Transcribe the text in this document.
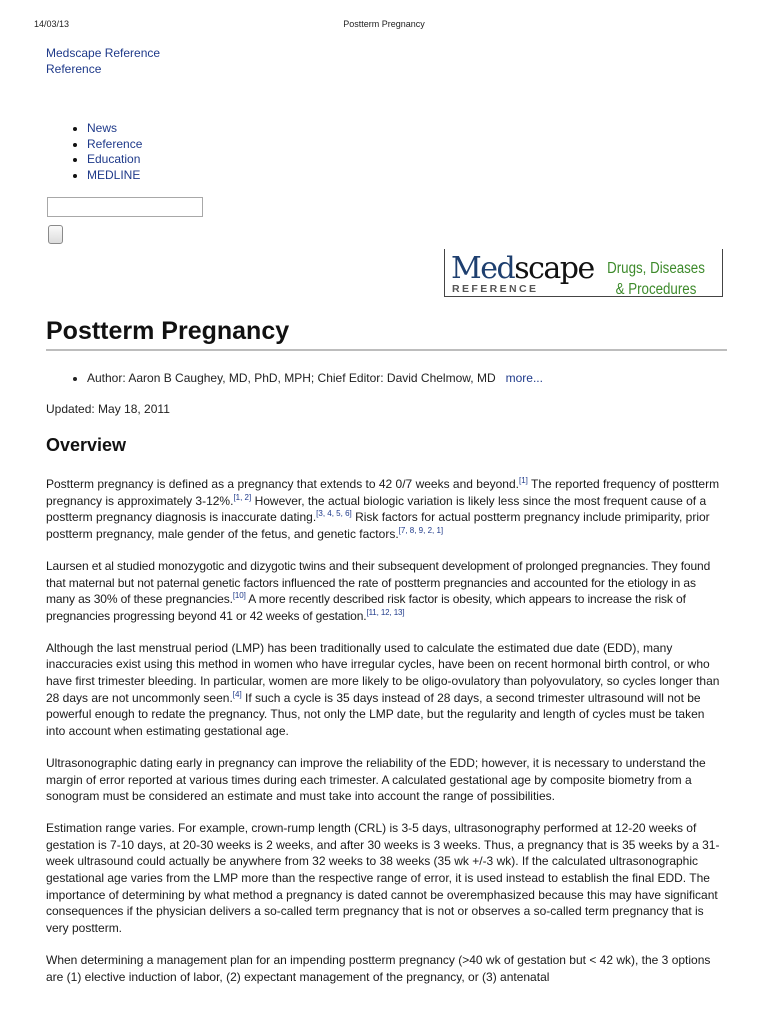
14/03/13	Postterm Pregnancy
Medscape Reference
Reference
• News
• Reference
• Education
• MEDLINE
Medscape
REFERENCE
Drugs, Diseases
& Procedures
Postterm Pregnancy
• Author: Aaron B Caughey, MD, PhD, MPH; Chief Editor: David Chelmow, MD more...
Updated: May 18, 2011
Overview

Postterm pregnancy is defined as a pregnancy that extends to 42 0/7 weeks and beyond.[1] The reported frequency of postterm pregnancy is approximately 3-12%.[1, 2] However, the actual biologic variation is likely less since the most frequent cause of a postterm pregnancy diagnosis is inaccurate dating.[3, 4, 5, 6] Risk factors for actual postterm pregnancy include primiparity, prior postterm pregnancy, male gender of the fetus, and genetic factors.[7, 8, 9, 2, 1]

Laursen et al studied monozygotic and dizygotic twins and their subsequent development of prolonged pregnancies. They found that maternal but not paternal genetic factors influenced the rate of postterm pregnancies and accounted for the etiology in as many as 30% of these pregnancies.[10] A more recently described risk factor is obesity, which appears to increase the risk of pregnancies progressing beyond 41 or 42 weeks of gestation.[11, 12, 13]

Although the last menstrual period (LMP) has been traditionally used to calculate the estimated due date (EDD), many inaccuracies exist using this method in women who have irregular cycles, have been on recent hormonal birth control, or who have first trimester bleeding. In particular, women are more likely to be oligo-ovulatory than polyovulatory, so cycles longer than 28 days are not uncommonly seen.[4] If such a cycle is 35 days instead of 28 days, a second trimester ultrasound will not be powerful enough to redate the pregnancy. Thus, not only the LMP date, but the regularity and length of cycles must be taken into account when estimating gestational age.

Ultrasonographic dating early in pregnancy can improve the reliability of the EDD; however, it is necessary to understand the margin of error reported at various times during each trimester. A calculated gestational age by composite biometry from a sonogram must be considered an estimate and must take into account the range of possibilities.

Estimation range varies. For example, crown-rump length (CRL) is 3-5 days, ultrasonography performed at 12-20 weeks of gestation is 7-10 days, at 20-30 weeks is 2 weeks, and after 30 weeks is 3 weeks. Thus, a pregnancy that is 35 weeks by a 31-week ultrasound could actually be anywhere from 32 weeks to 38 weeks (35 wk +/-3 wk). If the calculated ultrasonographic gestational age varies from the LMP more than the respective range of error, it is used instead to establish the final EDD. The importance of determining by what method a pregnancy is dated cannot be overemphasized because this may have significant consequences if the physician delivers a so-called term pregnancy that is not or observes a so-called term pregnancy that is very postterm.

When determining a management plan for an impending postterm pregnancy (>40 wk of gestation but < 42 wk), the 3 options are (1) elective induction of labor, (2) expectant management of the pregnancy, or (3) antenatal
